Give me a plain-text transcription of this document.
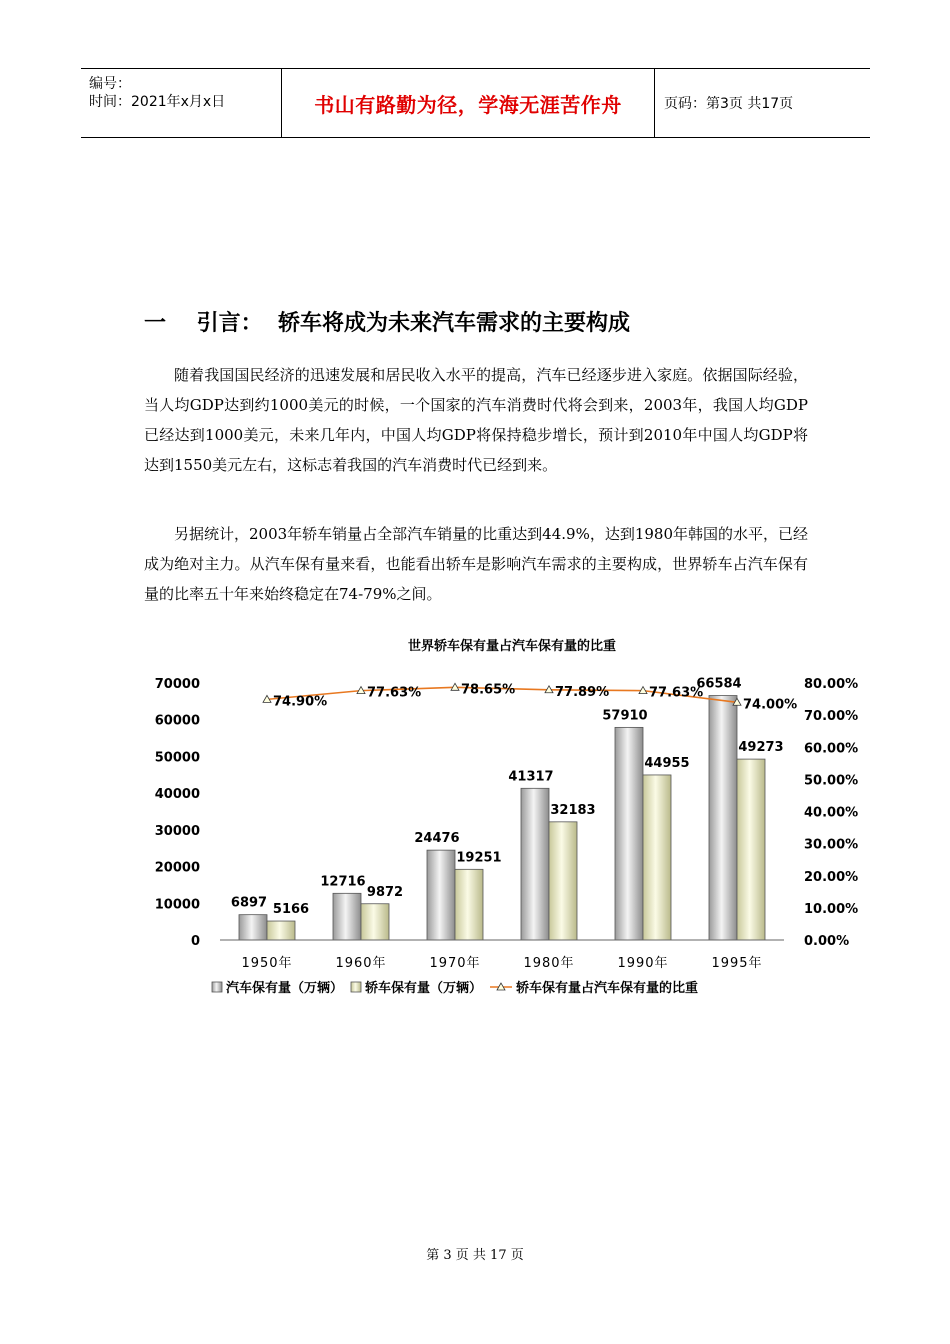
编号：
时间：2021年x月x日	书山有路勤为径，学海无涯苦作舟	页码：第3页 共17页
一    引言：  轿车将成为未来汽车需求的主要构成

随着我国国民经济的迅速发展和居民收入水平的提高，汽车已经逐步进入家庭。依据国际经验，当人均GDP达到约1000美元的时候，一个国家的汽车消费时代将会到来，2003年，我国人均GDP已经达到1000美元，未来几年内，中国人均GDP将保持稳步增长，预计到2010年中国人均GDP将达到1550美元左右，这标志着我国的汽车消费时代已经到来。

另据统计，2003年轿车销量占全部汽车销量的比重达到44.9%，达到1980年韩国的水平，已经成为绝对主力。从汽车保有量来看，也能看出轿车是影响汽车需求的主要构成，世界轿车占汽车保有量的比率五十年来始终稳定在74-79%之间。

世界轿车保有量占汽车保有量的比重
0
10000
20000
30000
40000
50000
60000
70000
0.00%
10.00%
20.00%
30.00%
40.00%
50.00%
60.00%
70.00%
80.00%
6897 5166
1950年
12716
9872
1960年
24476
19251
1970年
41317
32183
1980年
57910
44955
1990年
66584
49273
1995年
74.90%
77.63%	78.65%	77.89%	77.63%
74.00%
汽车保有量（万辆） 轿车保有量（万辆）	轿车保有量占汽车保有量的比重
第 3 页 共 17 页
